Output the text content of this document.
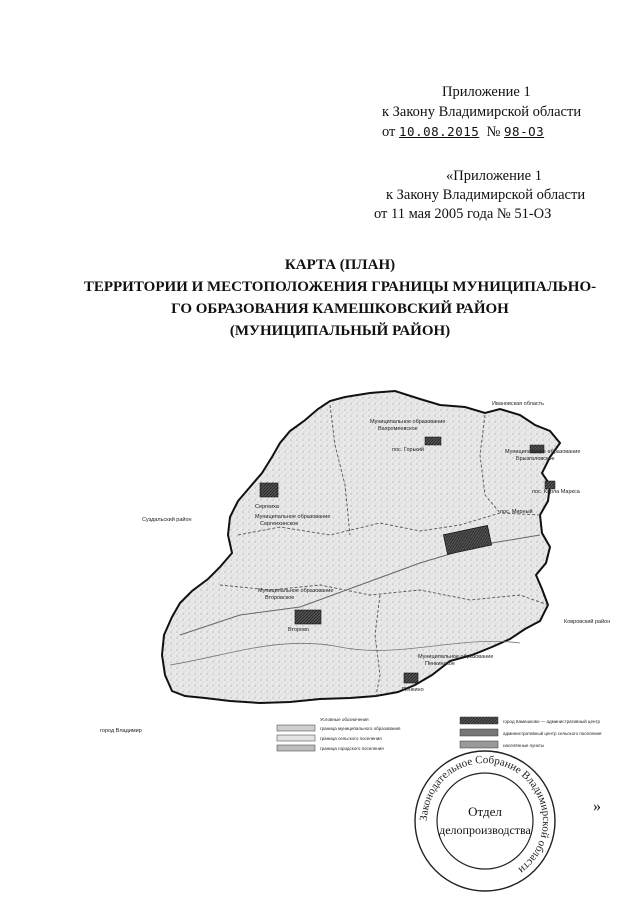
Приложение 1
к Закону Владимирской области
от 10.08.2015 № 98-ОЗ
«Приложение 1
к Закону Владимирской области
от 11 мая 2005 года № 51-ОЗ
КАРТА (ПЛАН)
ТЕРРИТОРИИ И МЕСТОПОЛОЖЕНИЯ ГРАНИЦЫ МУНИЦИПАЛЬНО-
ГО ОБРАЗОВАНИЯ КАМЕШКОВСКИЙ РАЙОН
(МУНИЦИПАЛЬНЫЙ РАЙОН)
Ивановская область
Суздальский район
Ковровский район
город Владимир
Муниципальное образование
Вахромеевское
пос. Горький	Муниципальное образование
Брызгаловское
пос. Карла Маркса
пос. Мирный
Сергеиха
Муниципальное образование
Сергеихинское
Муниципальное образование
Второвское
Второво
Муниципальное образование
Пенкинское
Пенкино
Условные обозначения
граница муниципального образования
граница сельского поселения
граница городского поселения
город Камешково — административный центр
административный центр сельского поселения
населённые пункты
Законодательное Собрание Владимирской области
Отдел
делопроизводства
»
